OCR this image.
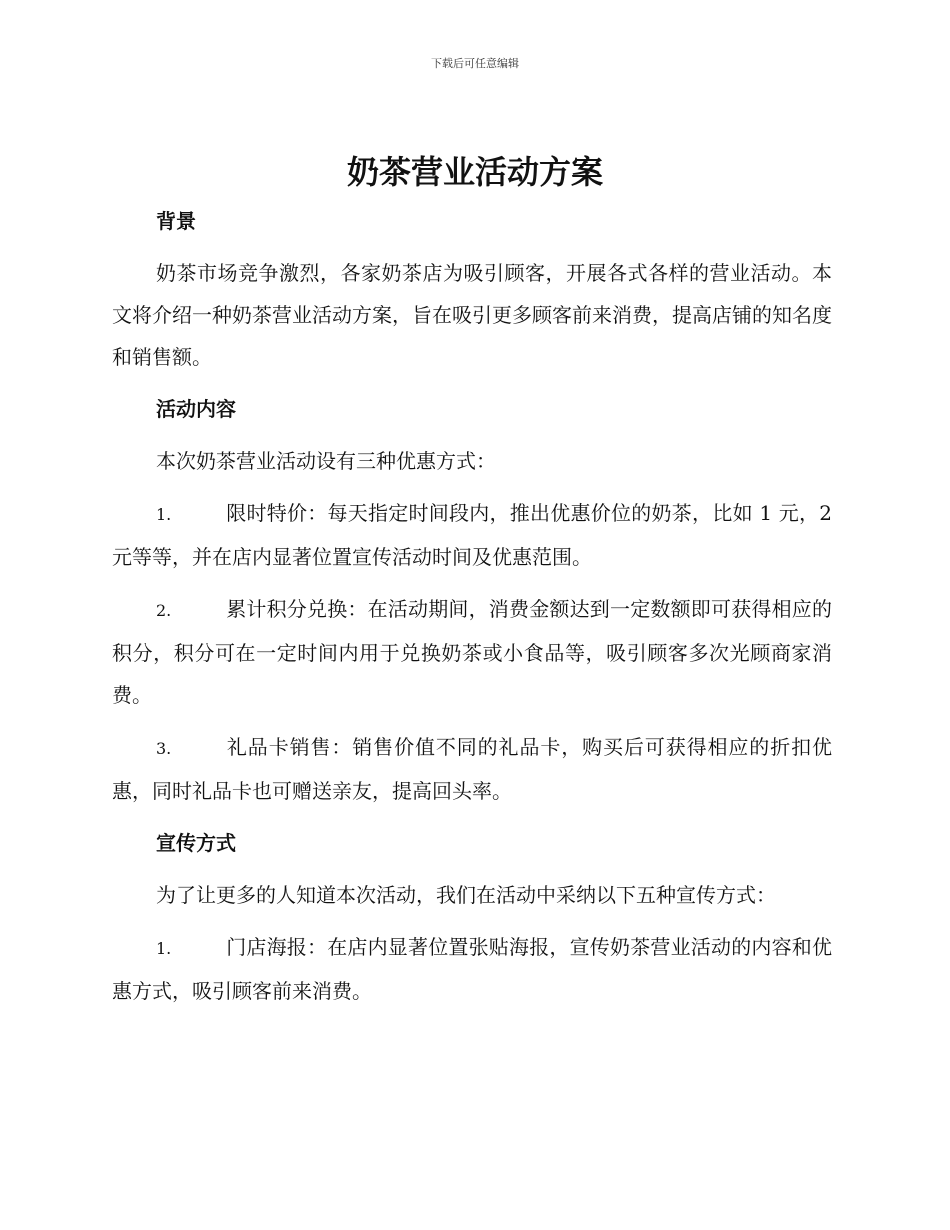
下载后可任意编辑
奶茶营业活动方案
背景

奶茶市场竞争激烈，各家奶茶店为吸引顾客，开展各式各样的营业活动。本文将介绍一种奶茶营业活动方案，旨在吸引更多顾客前来消费，提高店铺的知名度和销售额。

活动内容

本次奶茶营业活动设有三种优惠方式：

1.	限时特价：每天指定时间段内，推出优惠价位的奶茶，比如 1 元，2 元等等，并在店内显著位置宣传活动时间及优惠范围。

2.	累计积分兑换：在活动期间，消费金额达到一定数额即可获得相应的积分，积分可在一定时间内用于兑换奶茶或小食品等，吸引顾客多次光顾商家消费。

3.	礼品卡销售：销售价值不同的礼品卡，购买后可获得相应的折扣优惠，同时礼品卡也可赠送亲友，提高回头率。

宣传方式

为了让更多的人知道本次活动，我们在活动中采纳以下五种宣传方式：

1.	门店海报：在店内显著位置张贴海报，宣传奶茶营业活动的内容和优惠方式，吸引顾客前来消费。
